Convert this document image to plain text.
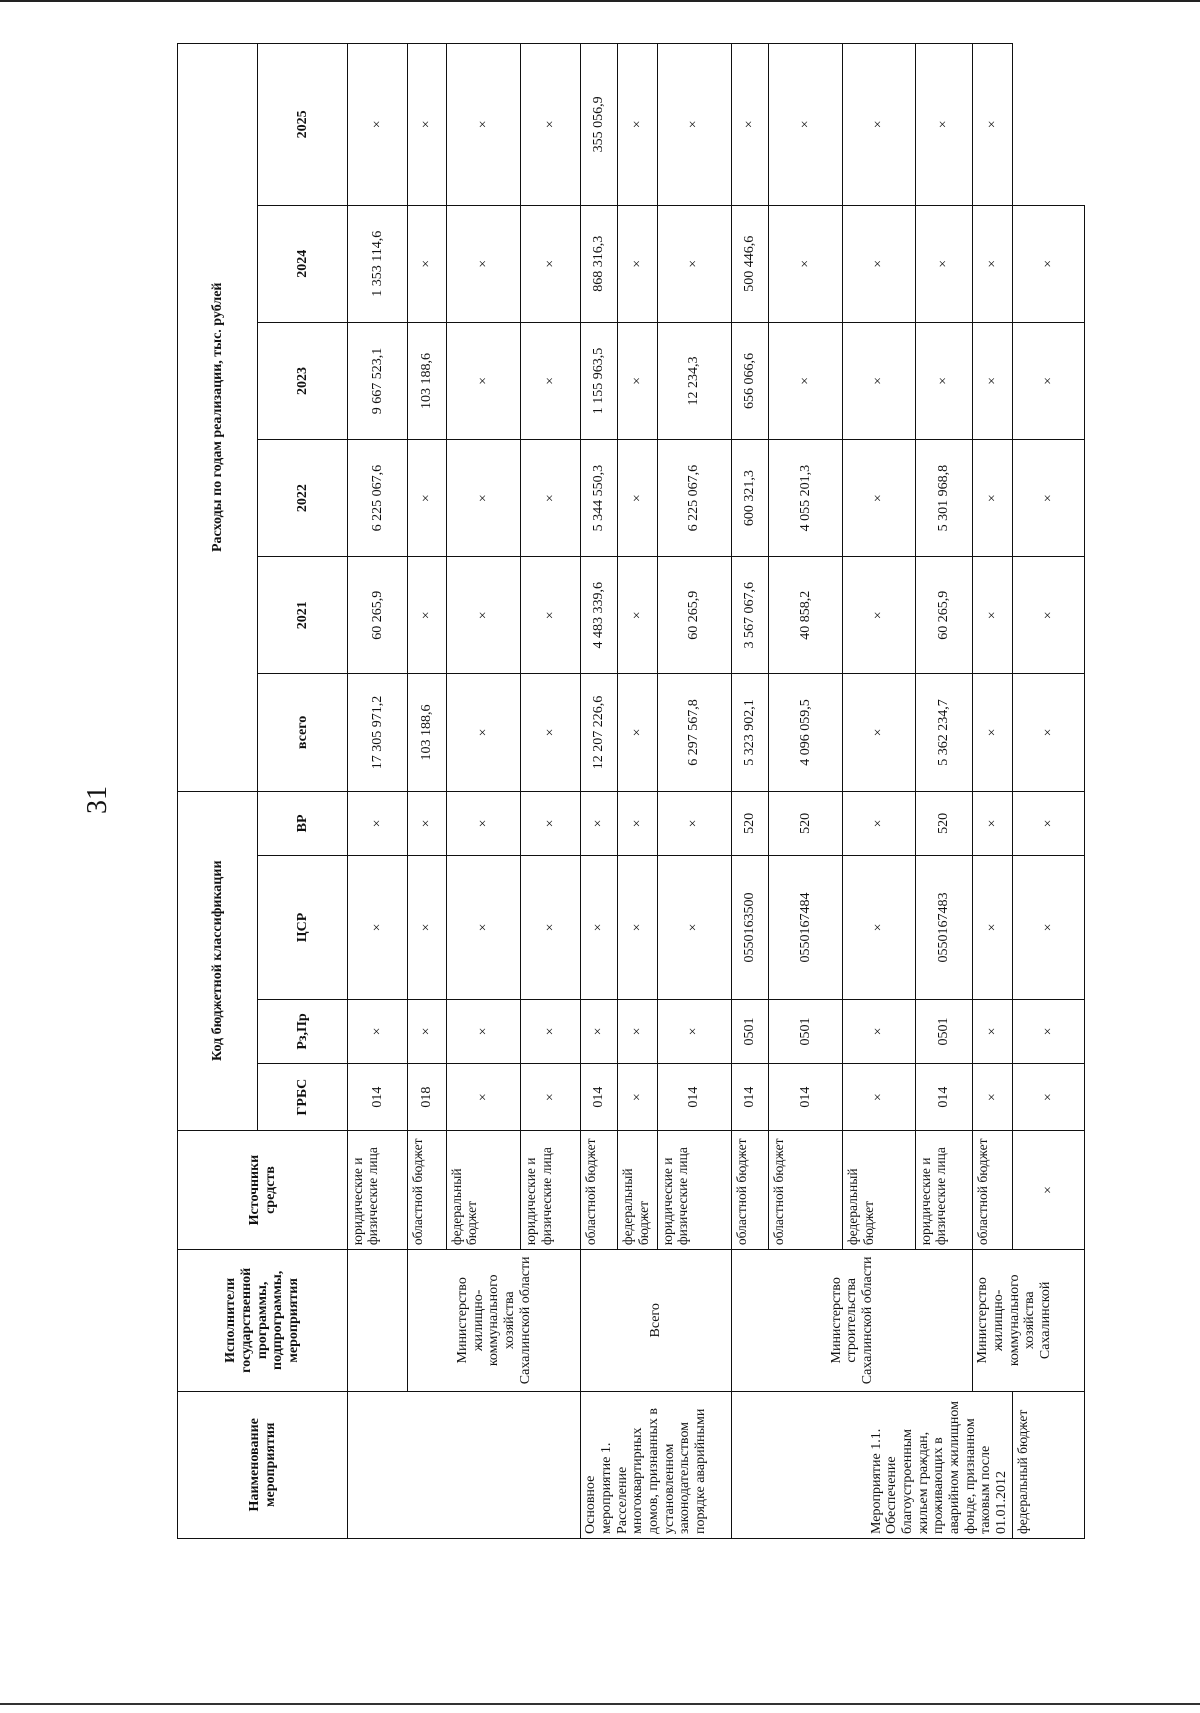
31
Наименование мероприятия	Исполнители государственной программы, подпрограммы, мероприятия	Источники средств	Код бюджетной классификации				Расходы по годам реализации, тыс. рублей					
			ГРБС	Рз,Пр	ЦСР	ВР	всего	2021	2022	2023	2024	2025
		юридические и физические лица	014	×	×	×	17 305 971,2	60 265,9	6 225 067,6	9 667 523,1	1 353 114,6	×
	Министерство жилищно-коммунального хозяйства Сахалинской области	областной бюджет	018	×	×	×	103 188,6	×	×	103 188,6	×	×
		федеральный бюджет	×	×	×	×	×	×	×	×	×	×
		юридические и физические лица	×	×	×	×	×	×	×	×	×	×
Основное мероприятие 1. Расселение многоквартирных домов, признанных в установленном законодательством порядке аварийными	Всего	областной бюджет	014	×	×	×	12 207 226,6	4 483 339,6	5 344 550,3	1 155 963,5	868 316,3	355 056,9
		федеральный бюджет	×	×	×	×	×	×	×	×	×	×
		юридические и физические лица	014	×	×	×	6 297 567,8	60 265,9	6 225 067,6	12 234,3	×	×
Мероприятие 1.1. Обеспечение благоустроенным жильем граждан, проживающих в аварийном жилищном фонде, признанном таковым после 01.01.2012	Министерство строительства Сахалинской области	областной бюджет	014	0501	0550163500	520	5 323 902,1	3 567 067,6	600 321,3	656 066,6	500 446,6	×
		областной бюджет	014	0501	0550167484	520	4 096 059,5	40 858,2	4 055 201,3	×	×	×
		федеральный бюджет	×	×	×	×	×	×	×	×	×	×
		юридические и физические лица	014	0501	0550167483	520	5 362 234,7	60 265,9	5 301 968,8	×	×	×
	Министерство жилищно-коммунального хозяйства Сахалинской	областной бюджет	×	×	×	×	×	×	×	×	×	×
федеральный бюджет		×	×	×	×	×	×	×	×	×	×	
